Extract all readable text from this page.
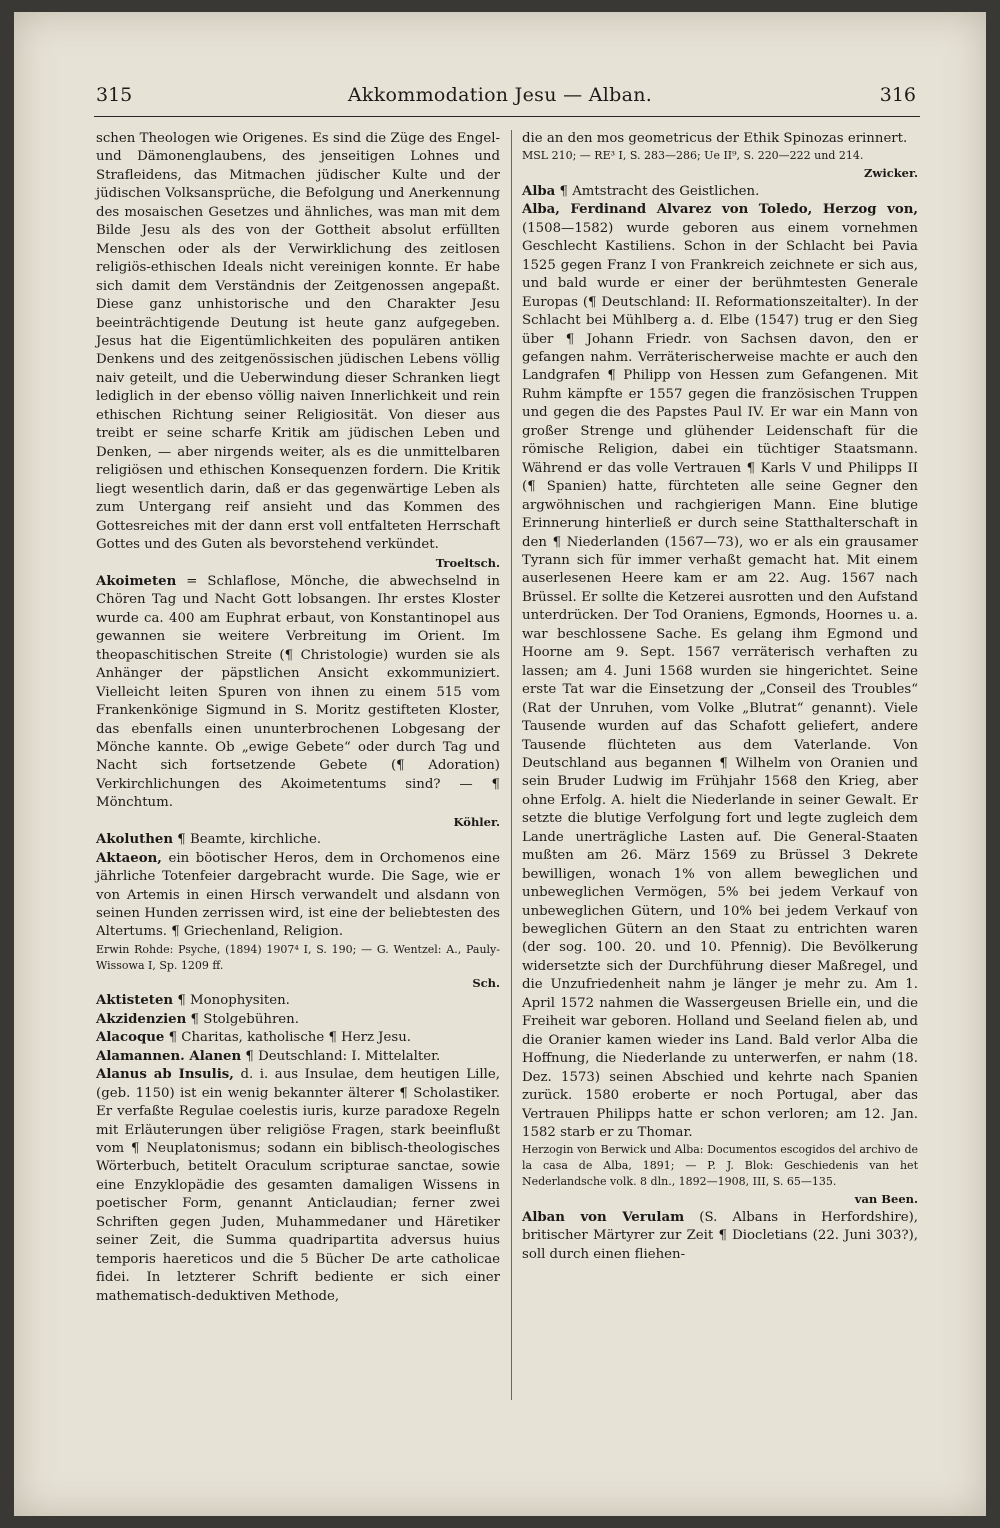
315	Akkommodation Jesu — Alban.	316

schen Theologen wie Origenes. Es sind die Züge des Engel- und Dämonenglaubens, des jenseitigen Lohnes und Strafleidens, das Mitmachen jüdischer Kulte und der jüdischen Volksansprüche, die Befolgung und Anerkennung des mosaischen Gesetzes und ähnliches, was man mit dem Bilde Jesu als des von der Gottheit absolut erfüllten Menschen oder als der Verwirklichung des zeitlosen religiös-ethischen Ideals nicht vereinigen konnte. Er habe sich damit dem Verständnis der Zeitgenossen angepaßt. Diese ganz unhistorische und den Charakter Jesu beeinträchtigende Deutung ist heute ganz aufgegeben. Jesus hat die Eigentümlichkeiten des populären antiken Denkens und des zeitgenössischen jüdischen Lebens völlig naiv geteilt, und die Ueberwindung dieser Schranken liegt lediglich in der ebenso völlig naiven Innerlichkeit und rein ethischen Richtung seiner Religiosität. Von dieser aus treibt er seine scharfe Kritik am jüdischen Leben und Denken, — aber nirgends weiter, als es die unmittelbaren religiösen und ethischen Konsequenzen fordern. Die Kritik liegt wesentlich darin, daß er das gegenwärtige Leben als zum Untergang reif ansieht und das Kommen des Gottesreiches mit der dann erst voll entfalteten Herrschaft Gottes und des Guten als bevorstehend verkündet.

Troeltsch.

Akoimeten = Schlaflose, Mönche, die abwechselnd in Chören Tag und Nacht Gott lobsangen. Ihr erstes Kloster wurde ca. 400 am Euphrat erbaut, von Konstantinopel aus gewannen sie weitere Verbreitung im Orient. Im theopaschitischen Streite (¶ Christologie) wurden sie als Anhänger der päpstlichen Ansicht exkommuniziert. Vielleicht leiten Spuren von ihnen zu einem 515 vom Frankenkönige Sigmund in S. Moritz gestifteten Kloster, das ebenfalls einen ununterbrochenen Lobgesang der Mönche kannte. Ob „ewige Gebete“ oder durch Tag und Nacht sich fortsetzende Gebete (¶ Adoration) Verkirchlichungen des Akoimetentums sind? — ¶ Mönchtum.

Köhler.

Akoluthen ¶ Beamte, kirchliche.

Aktaeon, ein böotischer Heros, dem in Orchomenos eine jährliche Totenfeier dargebracht wurde. Die Sage, wie er von Artemis in einen Hirsch verwandelt und alsdann von seinen Hunden zerrissen wird, ist eine der beliebtesten des Altertums. ¶ Griechenland, Religion.

Erwin Rohde: Psyche, (1894) 1907⁴ I, S. 190; — G. Wentzel: A., Pauly-Wissowa I, Sp. 1209 ff.

Sch.

Aktisteten ¶ Monophysiten.

Akzidenzien ¶ Stolgebühren.

Alacoque ¶ Charitas, katholische ¶ Herz Jesu.

Alamannen. Alanen ¶ Deutschland: I. Mittelalter.

Alanus ab Insulis, d. i. aus Insulae, dem heutigen Lille, (geb. 1150) ist ein wenig bekannter älterer ¶ Scholastiker. Er verfaßte Regulae coelestis iuris, kurze paradoxe Regeln mit Erläuterungen über religiöse Fragen, stark beeinflußt vom ¶ Neuplatonismus; sodann ein biblisch-theologisches Wörterbuch, betitelt Oraculum scripturae sanctae, sowie eine Enzyklopädie des gesamten damaligen Wissens in poetischer Form, genannt Anticlaudian; ferner zwei Schriften gegen Juden, Muhammedaner und Häretiker seiner Zeit, die Summa quadripartita adversus huius temporis haereticos und die 5 Bücher De arte catholicae fidei. In letzterer Schrift bediente er sich einer mathematisch-deduktiven Methode,

die an den mos geometricus der Ethik Spinozas erinnert.

MSL 210; — RE³ I, S. 283—286; Ue II⁹, S. 220—222 und 214.

Zwicker.

Alba ¶ Amtstracht des Geistlichen.

Alba, Ferdinand Alvarez von Toledo, Herzog von, (1508—1582) wurde geboren aus einem vornehmen Geschlecht Kastiliens. Schon in der Schlacht bei Pavia 1525 gegen Franz I von Frankreich zeichnete er sich aus, und bald wurde er einer der berühmtesten Generale Europas (¶ Deutschland: II. Reformationszeitalter). In der Schlacht bei Mühlberg a. d. Elbe (1547) trug er den Sieg über ¶ Johann Friedr. von Sachsen davon, den er gefangen nahm. Verräterischerweise machte er auch den Landgrafen ¶ Philipp von Hessen zum Gefangenen. Mit Ruhm kämpfte er 1557 gegen die französischen Truppen und gegen die des Papstes Paul IV. Er war ein Mann von großer Strenge und glühender Leidenschaft für die römische Religion, dabei ein tüchtiger Staatsmann. Während er das volle Vertrauen ¶ Karls V und Philipps II (¶ Spanien) hatte, fürchteten alle seine Gegner den argwöhnischen und rachgierigen Mann. Eine blutige Erinnerung hinterließ er durch seine Statthalterschaft in den ¶ Niederlanden (1567—73), wo er als ein grausamer Tyrann sich für immer verhaßt gemacht hat. Mit einem auserlesenen Heere kam er am 22. Aug. 1567 nach Brüssel. Er sollte die Ketzerei ausrotten und den Aufstand unterdrücken. Der Tod Oraniens, Egmonds, Hoornes u. a. war beschlossene Sache. Es gelang ihm Egmond und Hoorne am 9. Sept. 1567 verräterisch verhaften zu lassen; am 4. Juni 1568 wurden sie hingerichtet. Seine erste Tat war die Einsetzung der „Conseil des Troubles“ (Rat der Unruhen, vom Volke „Blutrat“ genannt). Viele Tausende wurden auf das Schafott geliefert, andere Tausende flüchteten aus dem Vaterlande. Von Deutschland aus begannen ¶ Wilhelm von Oranien und sein Bruder Ludwig im Frühjahr 1568 den Krieg, aber ohne Erfolg. A. hielt die Niederlande in seiner Gewalt. Er setzte die blutige Verfolgung fort und legte zugleich dem Lande unerträgliche Lasten auf. Die General-Staaten mußten am 26. März 1569 zu Brüssel 3 Dekrete bewilligen, wonach 1% von allem beweglichen und unbeweglichen Vermögen, 5% bei jedem Verkauf von unbeweglichen Gütern, und 10% bei jedem Verkauf von beweglichen Gütern an den Staat zu entrichten waren (der sog. 100. 20. und 10. Pfennig). Die Bevölkerung widersetzte sich der Durchführung dieser Maßregel, und die Unzufriedenheit nahm je länger je mehr zu. Am 1. April 1572 nahmen die Wassergeusen Brielle ein, und die Freiheit war geboren. Holland und Seeland fielen ab, und die Oranier kamen wieder ins Land. Bald verlor Alba die Hoffnung, die Niederlande zu unterwerfen, er nahm (18. Dez. 1573) seinen Abschied und kehrte nach Spanien zurück. 1580 eroberte er noch Portugal, aber das Vertrauen Philipps hatte er schon verloren; am 12. Jan. 1582 starb er zu Thomar.

Herzogin von Berwick und Alba: Documentos escogidos del archivo de la casa de Alba, 1891; — P. J. Blok: Geschiedenis van het Nederlandsche volk. 8 dln., 1892—1908, III, S. 65—135.

van Been.

Alban von Verulam (S. Albans in Herfordshire), britischer Märtyrer zur Zeit ¶ Diocletians (22. Juni 303?), soll durch einen fliehen-
